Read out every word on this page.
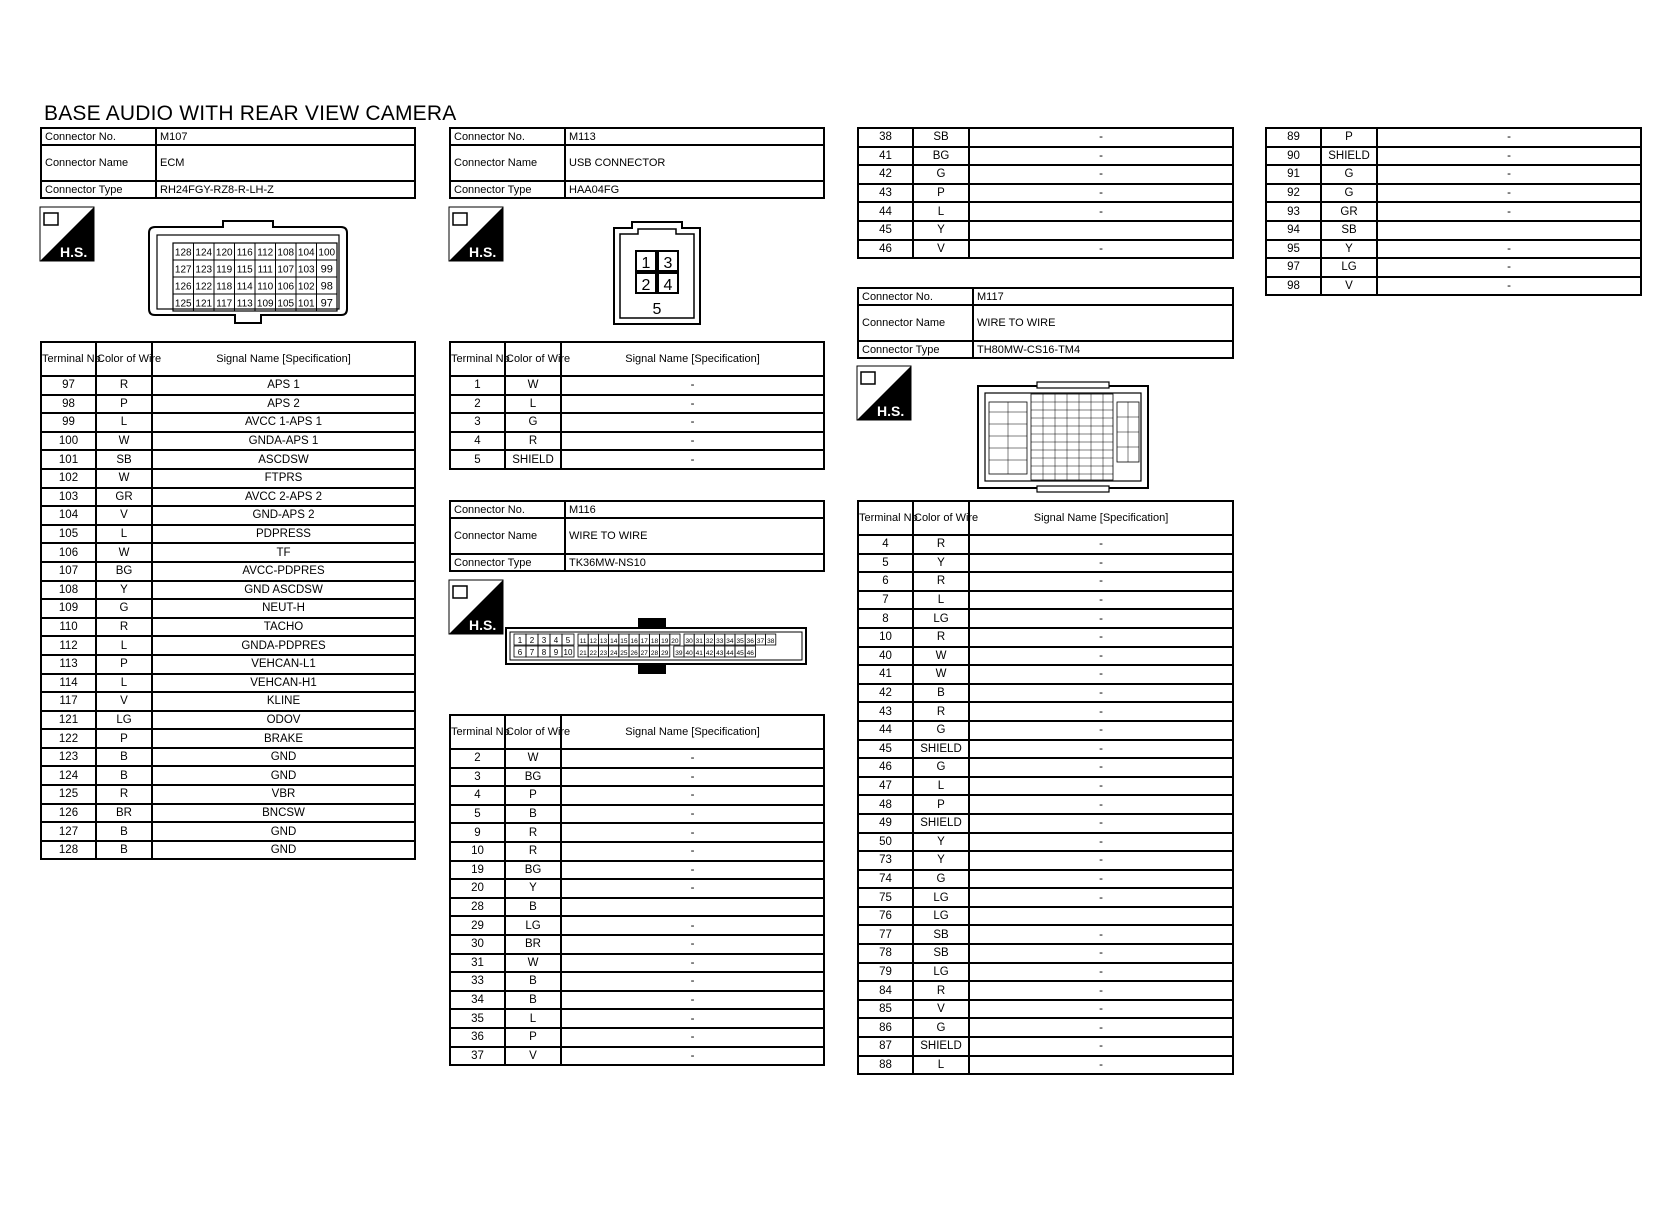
BASE AUDIO WITH REAR VIEW CAMERA
Connector No.	M107
Connector Name	ECM
Connector Type	RH24FGY-RZ8-R-LH-Z
H.S.	128 124 120 116 112 108 104 100
127 123 119 115 111 107 103 99
126 122 118 114 110 106 102 98
125 121 117 113 109 105 101 97
Terminal No.	Color of Wire	Signal Name [Specification]
97	R	APS 1
98	P	APS 2
99	L	AVCC 1-APS 1
100	W	GNDA-APS 1
101	SB	ASCDSW
102	W	FTPRS
103	GR	AVCC 2-APS 2
104	V	GND-APS 2
105	L	PDPRESS
106	W	TF
107	BG	AVCC-PDPRES
108	Y	GND ASCDSW
109	G	NEUT-H
110	R	TACHO
112	L	GNDA-PDPRES
113	P	VEHCAN-L1
114	L	VEHCAN-H1
117	V	KLINE
121	LG	ODOV
122	P	BRAKE
123	B	GND
124	B	GND
125	R	VBR
126	BR	BNCSW
127	B	GND
128	B	GND
Connector No.	M113
Connector Name	USB CONNECTOR
Connector Type	HAA04FG
H.S.
1 3
2 4
5
Terminal No.	Color of Wire	Signal Name [Specification]
1	W	-
2	L	-
3	G	-
4	R	-
5	SHIELD	-
Connector No.	M116
Connector Name	WIRE TO WIRE
Connector Type	TK36MW-NS10
H.S.
1 2 3 4 5 11 12 13 14 15 16 17 18 19 20 30 31 32 33 34 35 36 37 38
6 7 8 9 10 21 22 23 24 25 26 27 28 29 39 40 41 42 43 44 45 46
Terminal No.	Color of Wire	Signal Name [Specification]
2	W	-
3	BG	-
4	P	-
5	B	-
9	R	-
10	R	-
19	BG	-
20	Y	-
28	B	
29	LG	-
30	BR	-
31	W	-
33	B	-
34	B	-
35	L	-
36	P	-
37	V	-
38	SB	-
41	BG	-
42	G	-
43	P	-
44	L	-
45	Y	
46	V	-
Connector No.	M117
Connector Name	WIRE TO WIRE
Connector Type	TH80MW-CS16-TM4
H.S.
Terminal No.	Color of Wire	Signal Name [Specification]
4	R	-
5	Y	-
6	R	-
7	L	-
8	LG	-
10	R	-
40	W	-
41	W	-
42	B	-
43	R	-
44	G	-
45	SHIELD	-
46	G	-
47	L	-
48	P	-
49	SHIELD	-
50	Y	-
73	Y	-
74	G	-
75	LG	-
76	LG	
77	SB	-
78	SB	-
79	LG	-
84	R	-
85	V	-
86	G	-
87	SHIELD	-
88	L	-
89	P	-
90	SHIELD	-
91	G	-
92	G	-
93	GR	-
94	SB	
95	Y	-
97	LG	-
98	V	-
